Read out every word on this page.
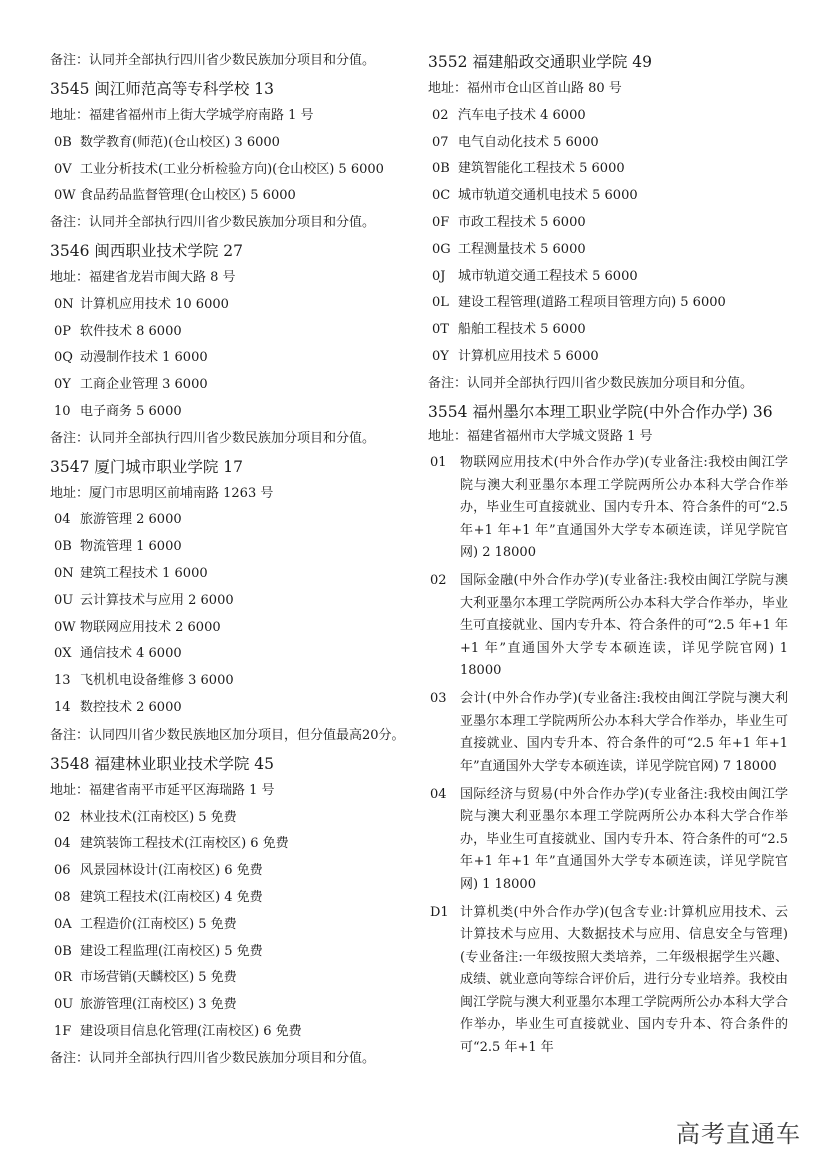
备注：认同并全部执行四川省少数民族加分项目和分值。
3545 闽江师范高等专科学校 13
地址：福建省福州市上街大学城学府南路 1 号
0B 数学教育(师范)(仓山校区) 3 6000
0V 工业分析技术(工业分析检验方向)(仓山校区) 5 6000
0W 食品药品监督管理(仓山校区) 5 6000
备注：认同并全部执行四川省少数民族加分项目和分值。
3546 闽西职业技术学院 27
地址：福建省龙岩市闽大路 8 号
0N 计算机应用技术 10 6000
0P 软件技术 8 6000
0Q 动漫制作技术 1 6000
0Y 工商企业管理 3 6000
10 电子商务 5 6000
备注：认同并全部执行四川省少数民族加分项目和分值。
3547 厦门城市职业学院 17
地址：厦门市思明区前埔南路 1263 号
04 旅游管理 2 6000
0B 物流管理 1 6000
0N 建筑工程技术 1 6000
0U 云计算技术与应用 2 6000
0W 物联网应用技术 2 6000
0X 通信技术 4 6000
13 飞机机电设备维修 3 6000
14 数控技术 2 6000
备注：认同四川省少数民族地区加分项目，但分值最高20分。
3548 福建林业职业技术学院 45
地址：福建省南平市延平区海瑞路 1 号
02 林业技术(江南校区) 5 免费
04 建筑装饰工程技术(江南校区) 6 免费
06 风景园林设计(江南校区) 6 免费
08 建筑工程技术(江南校区) 4 免费
0A 工程造价(江南校区) 5 免费
0B 建设工程监理(江南校区) 5 免费
0R 市场营销(天麟校区) 5 免费
0U 旅游管理(江南校区) 3 免费
1F 建设项目信息化管理(江南校区) 6 免费
备注：认同并全部执行四川省少数民族加分项目和分值。
3552 福建船政交通职业学院 49
地址：福州市仓山区首山路 80 号
02 汽车电子技术 4 6000
07 电气自动化技术 5 6000
0B 建筑智能化工程技术 5 6000
0C 城市轨道交通机电技术 5 6000
0F 市政工程技术 5 6000
0G 工程测量技术 5 6000
0J 城市轨道交通工程技术 5 6000
0L 建设工程管理(道路工程项目管理方向) 5 6000
0T 船舶工程技术 5 6000
0Y 计算机应用技术 5 6000
备注：认同并全部执行四川省少数民族加分项目和分值。
3554 福州墨尔本理工职业学院(中外合作办学) 36
地址：福建省福州市大学城文贤路 1 号
01	物联网应用技术(中外合作办学)(专业备注:我校由闽江学院与澳大利亚墨尔本理工学院两所公办本科大学合作举办，毕业生可直接就业、国内专升本、符合条件的可“2.5 年+1 年+1 年”直通国外大学专本硕连读，详见学院官网) 2 18000
02	国际金融(中外合作办学)(专业备注:我校由闽江学院与澳大利亚墨尔本理工学院两所公办本科大学合作举办，毕业生可直接就业、国内专升本、符合条件的可“2.5 年+1 年+1 年”直通国外大学专本硕连读，详见学院官网) 1 18000
03	会计(中外合作办学)(专业备注:我校由闽江学院与澳大利亚墨尔本理工学院两所公办本科大学合作举办，毕业生可直接就业、国内专升本、符合条件的可“2.5 年+1 年+1 年”直通国外大学专本硕连读，详见学院官网) 7 18000
04	国际经济与贸易(中外合作办学)(专业备注:我校由闽江学院与澳大利亚墨尔本理工学院两所公办本科大学合作举办，毕业生可直接就业、国内专升本、符合条件的可“2.5 年+1 年+1 年”直通国外大学专本硕连读，详见学院官网) 1 18000
D1 计算机类(中外合作办学)(包含专业:计算机应用技术、云计算技术与应用、大数据技术与应用、信息安全与管理)(专业备注:一年级按照大类培养，二年级根据学生兴趣、成绩、就业意向等综合评价后，进行分专业培养。我校由闽江学院与澳大利亚墨尔本理工学院两所公办本科大学合作举办，毕业生可直接就业、国内专升本、符合条件的可“2.5 年+1 年
高考直通车
